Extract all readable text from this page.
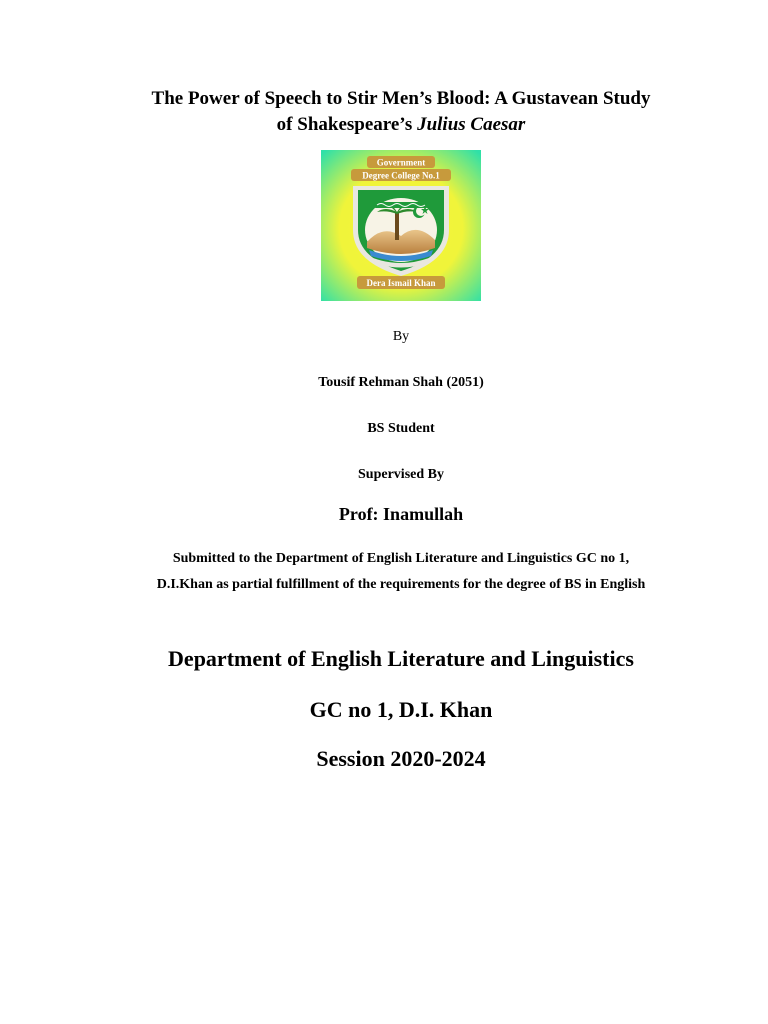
The Power of Speech to Stir Men’s Blood: A Gustavean Study
of Shakespeare’s Julius Caesar
Government
Degree College No.1
Dera Ismail Khan
By
Tousif Rehman Shah (2051)
BS Student
Supervised By
Prof: Inamullah
Submitted to the Department of English Literature and Linguistics GC no 1,
D.I.Khan as partial fulfillment of the requirements for the degree of BS in English
Department of English Literature and Linguistics
GC no 1, D.I. Khan
Session 2020-2024
